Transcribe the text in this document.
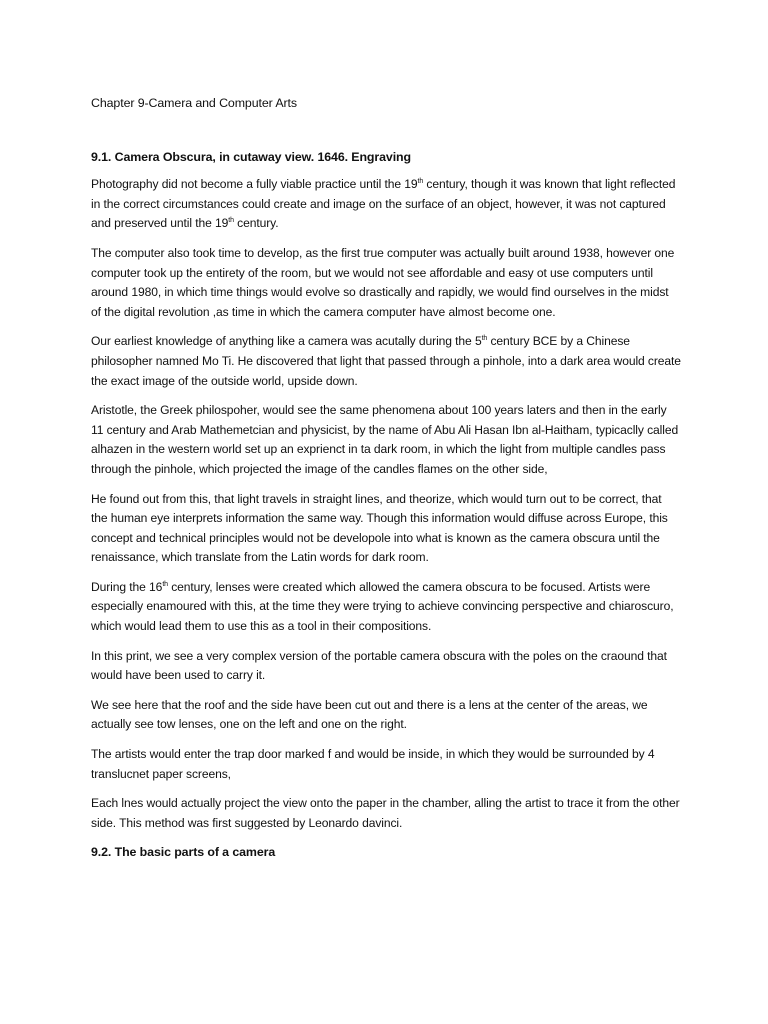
Chapter 9-Camera and Computer Arts

9.1. Camera Obscura, in cutaway view. 1646. Engraving

Photography did not become a fully viable practice until the 19th century, though it was known that light reflected in the correct circumstances could create and image on the surface of an object, however, it was not captured and preserved until the 19th century.

The computer also took time to develop, as the first true computer was actually built around 1938, however one computer took up the entirety of the room, but we would not see affordable and easy ot use computers until around 1980, in which time things would evolve so drastically and rapidly, we would find ourselves in the midst of the digital revolution ,as time in which the camera computer have almost become one.

Our earliest knowledge of anything like a camera was acutally during the 5th century BCE by a Chinese philosopher namned Mo Ti. He discovered that light that passed through a pinhole, into a dark area would create the exact image of the outside world, upside down.

Aristotle, the Greek philospoher, would see the same phenomena about 100 years laters and then in the early 11 century and Arab Mathemetcian and physicist, by the name of Abu Ali Hasan Ibn al-Haitham, typicaclly called alhazen in the western world set up an exprienct in ta dark room, in which the light from multiple candles pass through the pinhole, which projected the image of the candles flames on the other side,

He found out from this, that light travels in straight lines, and theorize, which would turn out to be correct, that the human eye interprets information the same way. Though this information would diffuse across Europe, this concept and technical principles would not be developole into what is known as the camera obscura until the renaissance, which translate from the Latin words for dark room.

During the 16th century, lenses were created which allowed the camera obscura to be focused. Artists were especially enamoured with this, at the time they were trying to achieve convincing perspective and chiaroscuro, which would lead them to use this as a tool in their compositions.

In this print, we see a very complex version of the portable camera obscura with the poles on the craound that would have been used to carry it.

We see here that the roof and the side have been cut out and there is a lens at the center of the areas, we actually see tow lenses, one on the left and one on the right.

The artists would enter the trap door marked f and would be inside, in which they would be surrounded by 4 translucnet paper screens,

Each lnes would actually project the view onto the paper in the chamber, alling the artist to trace it from the other side. This method was first suggested by Leonardo davinci.

9.2. The basic parts of a camera
